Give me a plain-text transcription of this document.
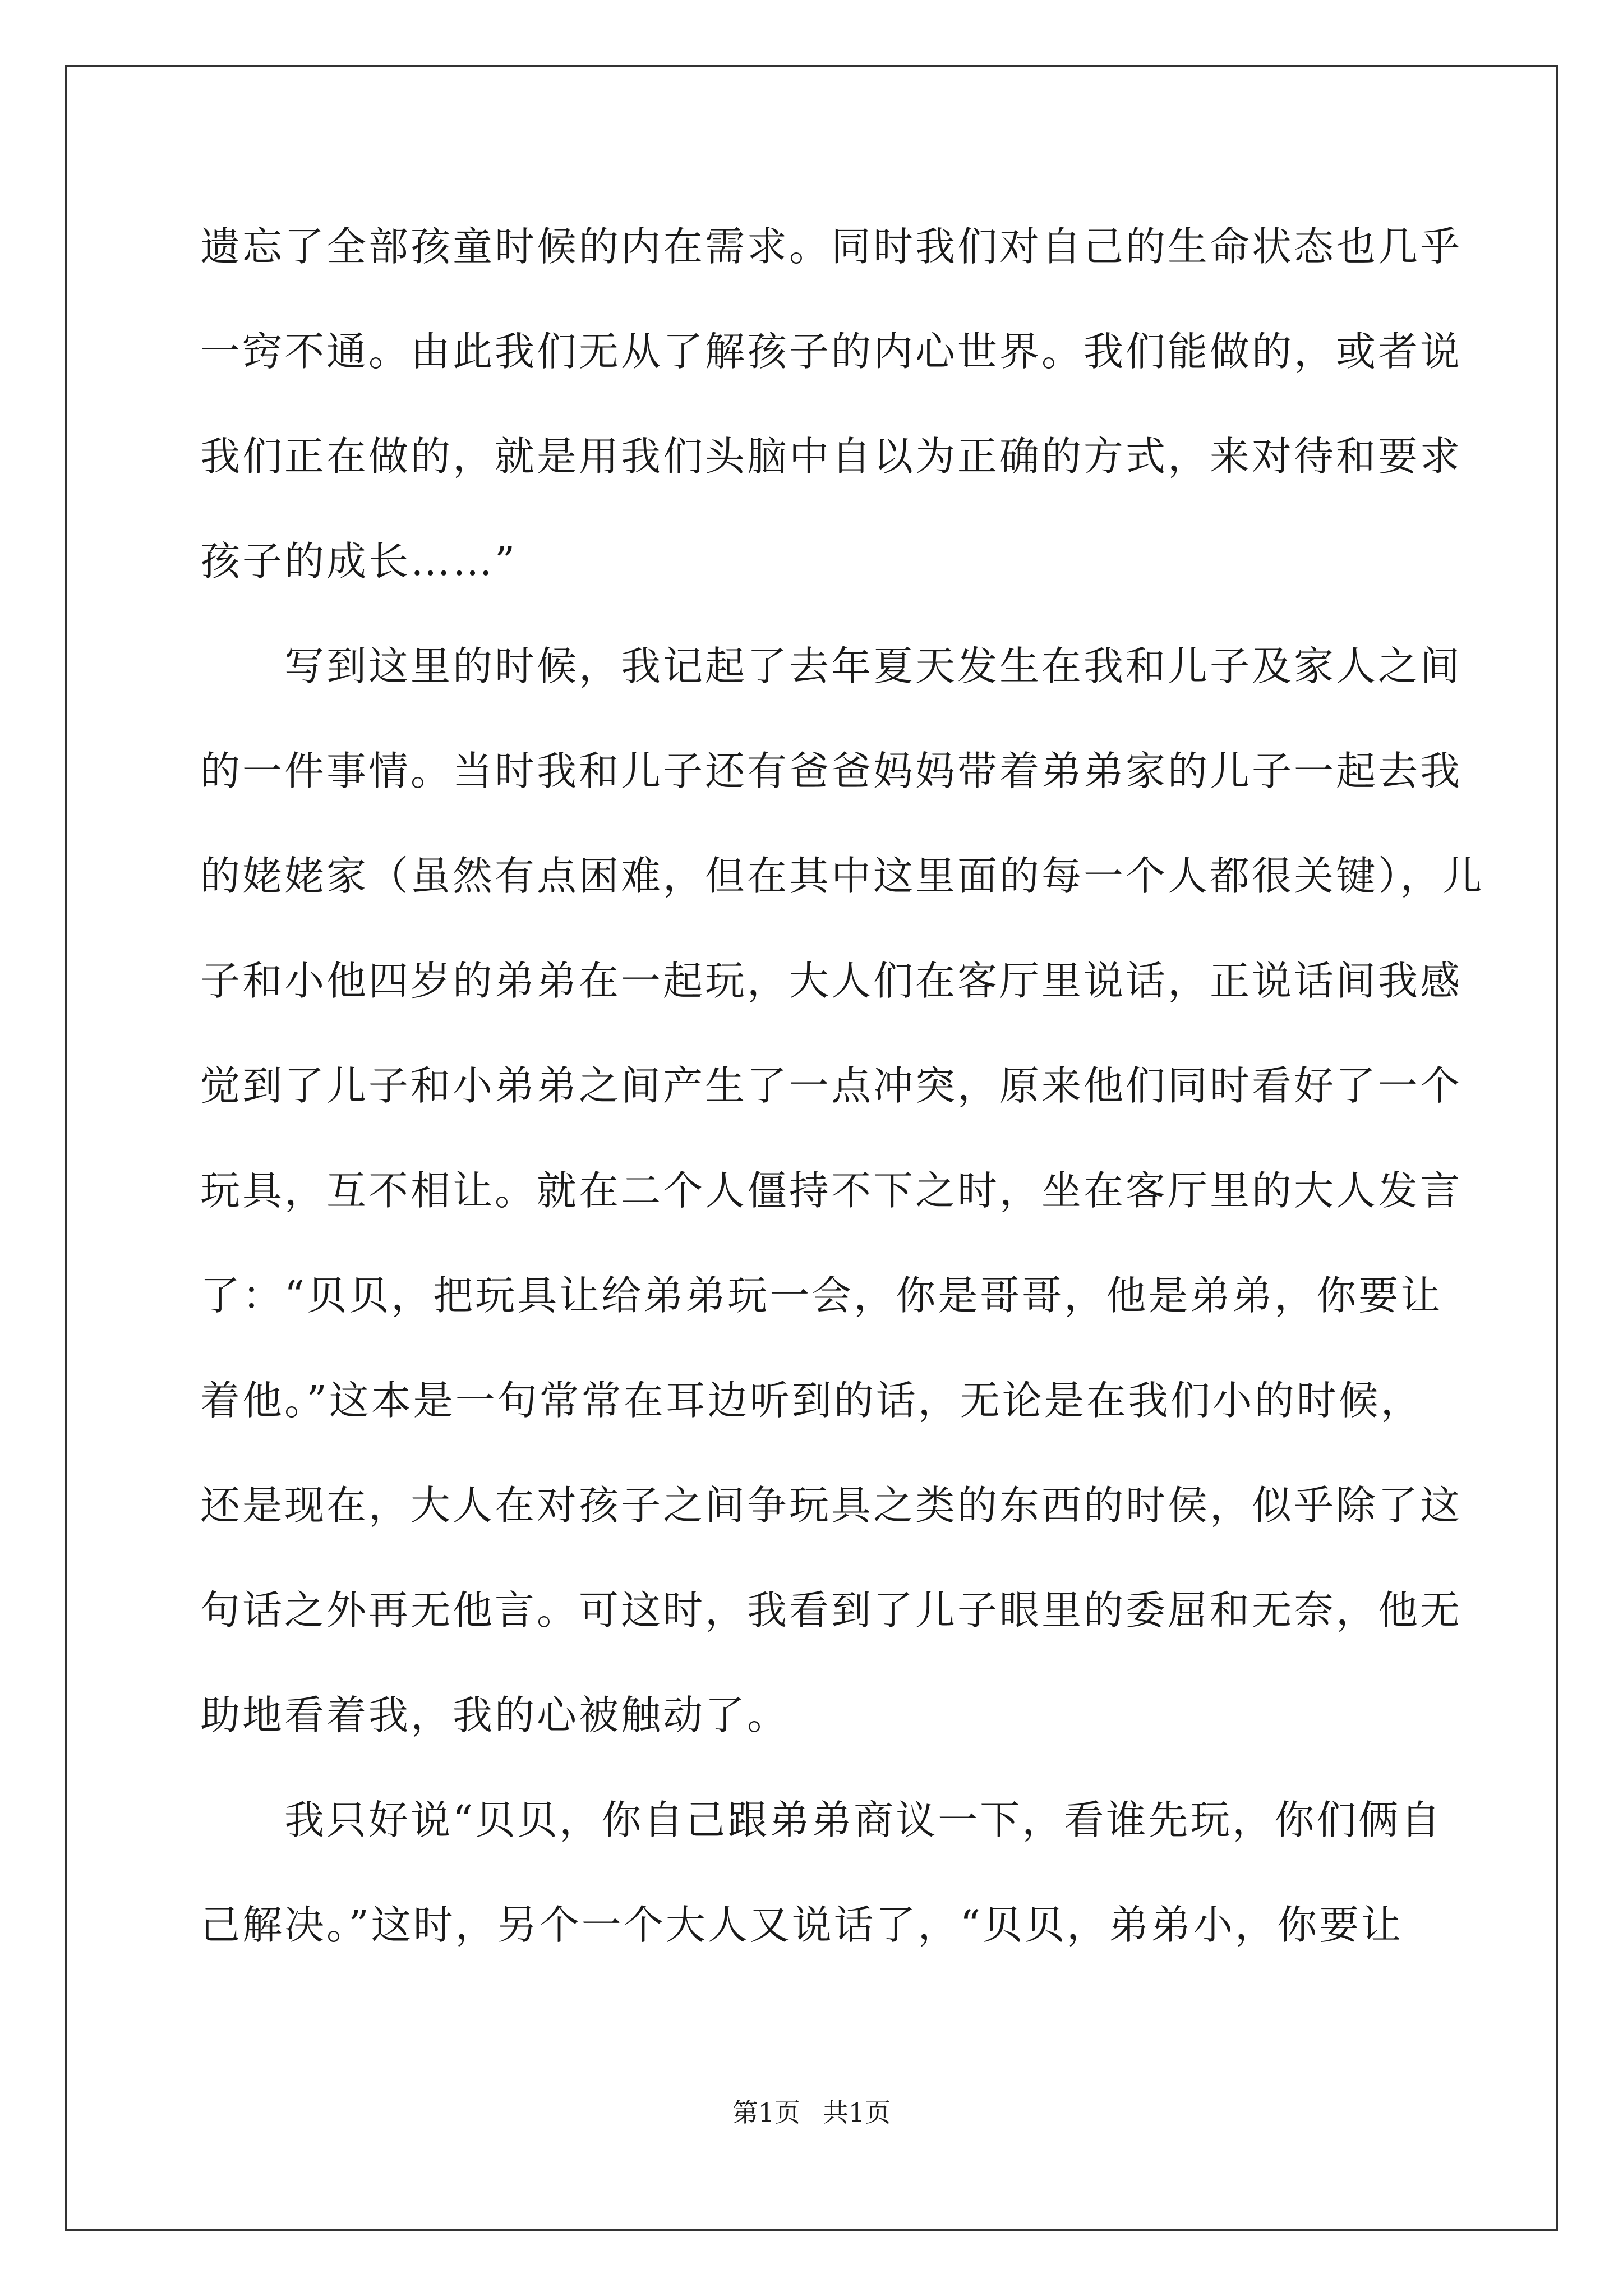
遗忘了全部孩童时候的内在需求。同时我们对自己的生命状态也几乎
一窍不通。由此我们无从了解孩子的内心世界。我们能做的，或者说
我们正在做的，就是用我们头脑中自以为正确的方式，来对待和要求
孩子的成长……”
　　写到这里的时候，我记起了去年夏天发生在我和儿子及家人之间
的一件事情。当时我和儿子还有爸爸妈妈带着弟弟家的儿子一起去我
的姥姥家（虽然有点困难，但在其中这里面的每一个人都很关键），儿
子和小他四岁的弟弟在一起玩，大人们在客厅里说话，正说话间我感
觉到了儿子和小弟弟之间产生了一点冲突，原来他们同时看好了一个
玩具，互不相让。就在二个人僵持不下之时，坐在客厅里的大人发言
了：“贝贝，把玩具让给弟弟玩一会，你是哥哥，他是弟弟，你要让
着他。”这本是一句常常在耳边听到的话，无论是在我们小的时候，
还是现在，大人在对孩子之间争玩具之类的东西的时侯，似乎除了这
句话之外再无他言。可这时，我看到了儿子眼里的委屈和无奈，他无
助地看着我，我的心被触动了。
　　我只好说“贝贝，你自己跟弟弟商议一下，看谁先玩，你们俩自
己解决。”这时，另个一个大人又说话了，“贝贝，弟弟小，你要让
第1页 共1页
